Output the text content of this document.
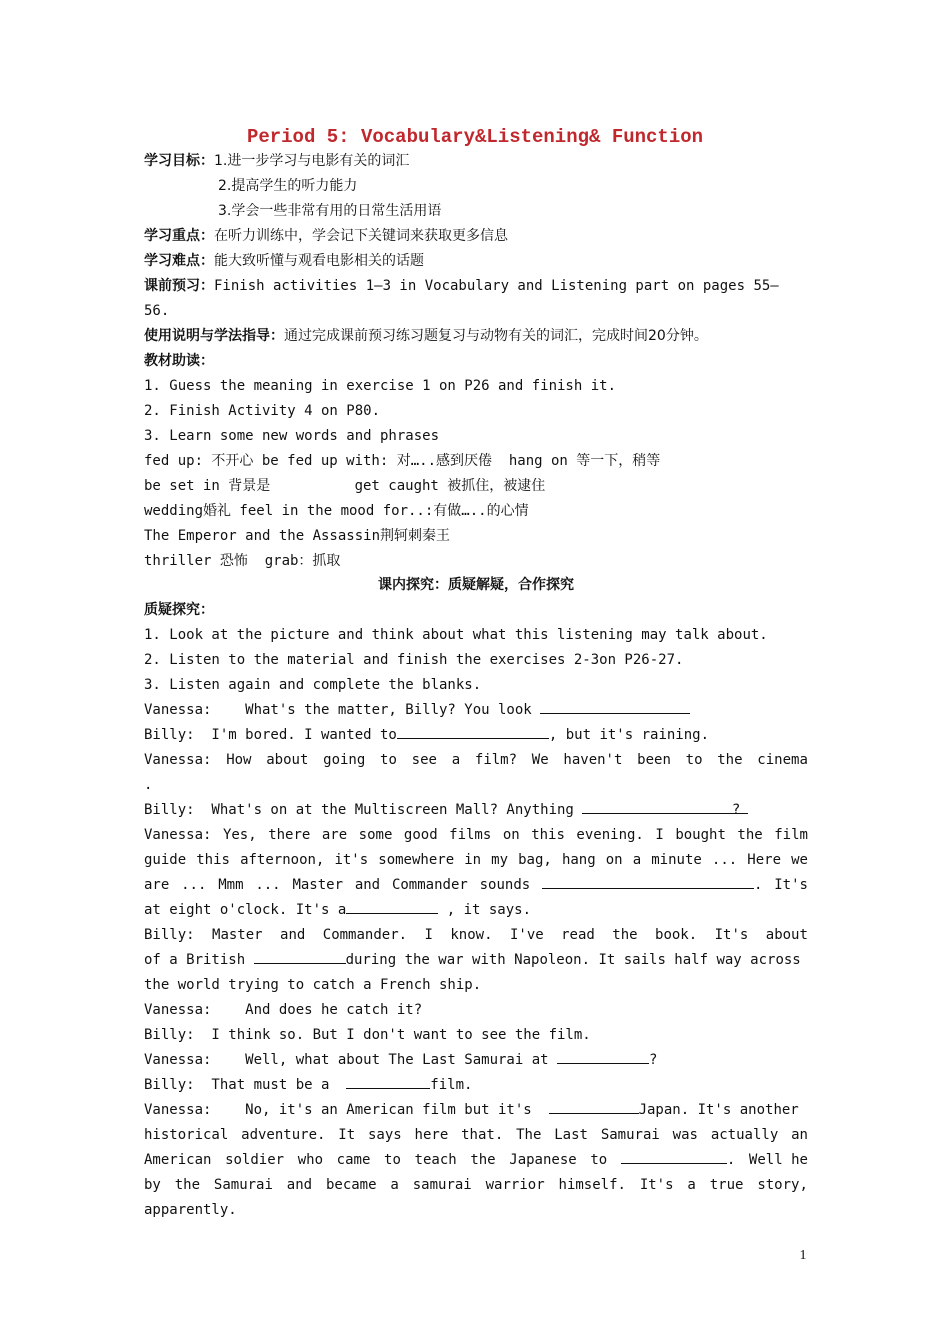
Period 5: Vocabulary&Listening& Function
学习目标：1.进一步学习与电影有关的词汇
2.提高学生的听力能力
3.学会一些非常有用的日常生活用语
学习重点：在听力训练中，学会记下关键词来获取更多信息
学习难点：能大致听懂与观看电影相关的话题
课前预习：Finish activities 1—3 in Vocabulary and Listening part on pages 55—
56.
使用说明与学法指导：通过完成课前预习练习题复习与动物有关的词汇，完成时间20分钟。
教材助读：
1. Guess the meaning in exercise 1 on P26 and finish it.
2. Finish Activity 4 on P80.
3. Learn some new words and phrases
fed up: 不开心 be fed up with: 对…..感到厌倦  hang on 等一下，稍等
be set in 背景是          get caught 被抓住，被逮住
wedding婚礼 feel in the mood for..:有做…..的心情
The Emperor and the Assassin荆轲刺秦王
thriller 恐怖  grab：抓取
课内探究：质疑解疑，合作探究
质疑探究：
1. Look at the picture and think about what this listening may talk about.
2. Listen to the material and finish the exercises 2-3on P26-27.
3. Listen again and complete the blanks.
Vanessa:    What's the matter, Billy? You look
Billy:  I'm bored. I wanted to	, but it's raining.
Vanessa: How about going to see a film? We haven't been to the cinema
.
Billy:  What's on at the Multiscreen Mall? Anything	?
Vanessa: Yes, there are some good films on this evening. I bought the film
guide this afternoon, it's somewhere in my bag, hang on a minute ... Here we
are ... Mmm ... Master and Commander sounds	. It's
at eight o'clock. It's a	, it says.
Billy: Master and Commander. I know. I've read the book. It's about
of a British	during the war with Napoleon. It sails half way across
the world trying to catch a French ship.
Vanessa:    And does he catch it?
Billy:  I think so. But I don't want to see the film.
Vanessa:    Well, what about The Last Samurai at	?
Billy:  That must be a	film.
Vanessa:    No, it's an American film but it's	Japan. It's another
historical adventure. It says here that. The Last Samurai was actually an
American soldier who came to teach the Japanese to	. Well he
by the Samurai and became a samurai warrior himself. It's a true story,
apparently.
1
